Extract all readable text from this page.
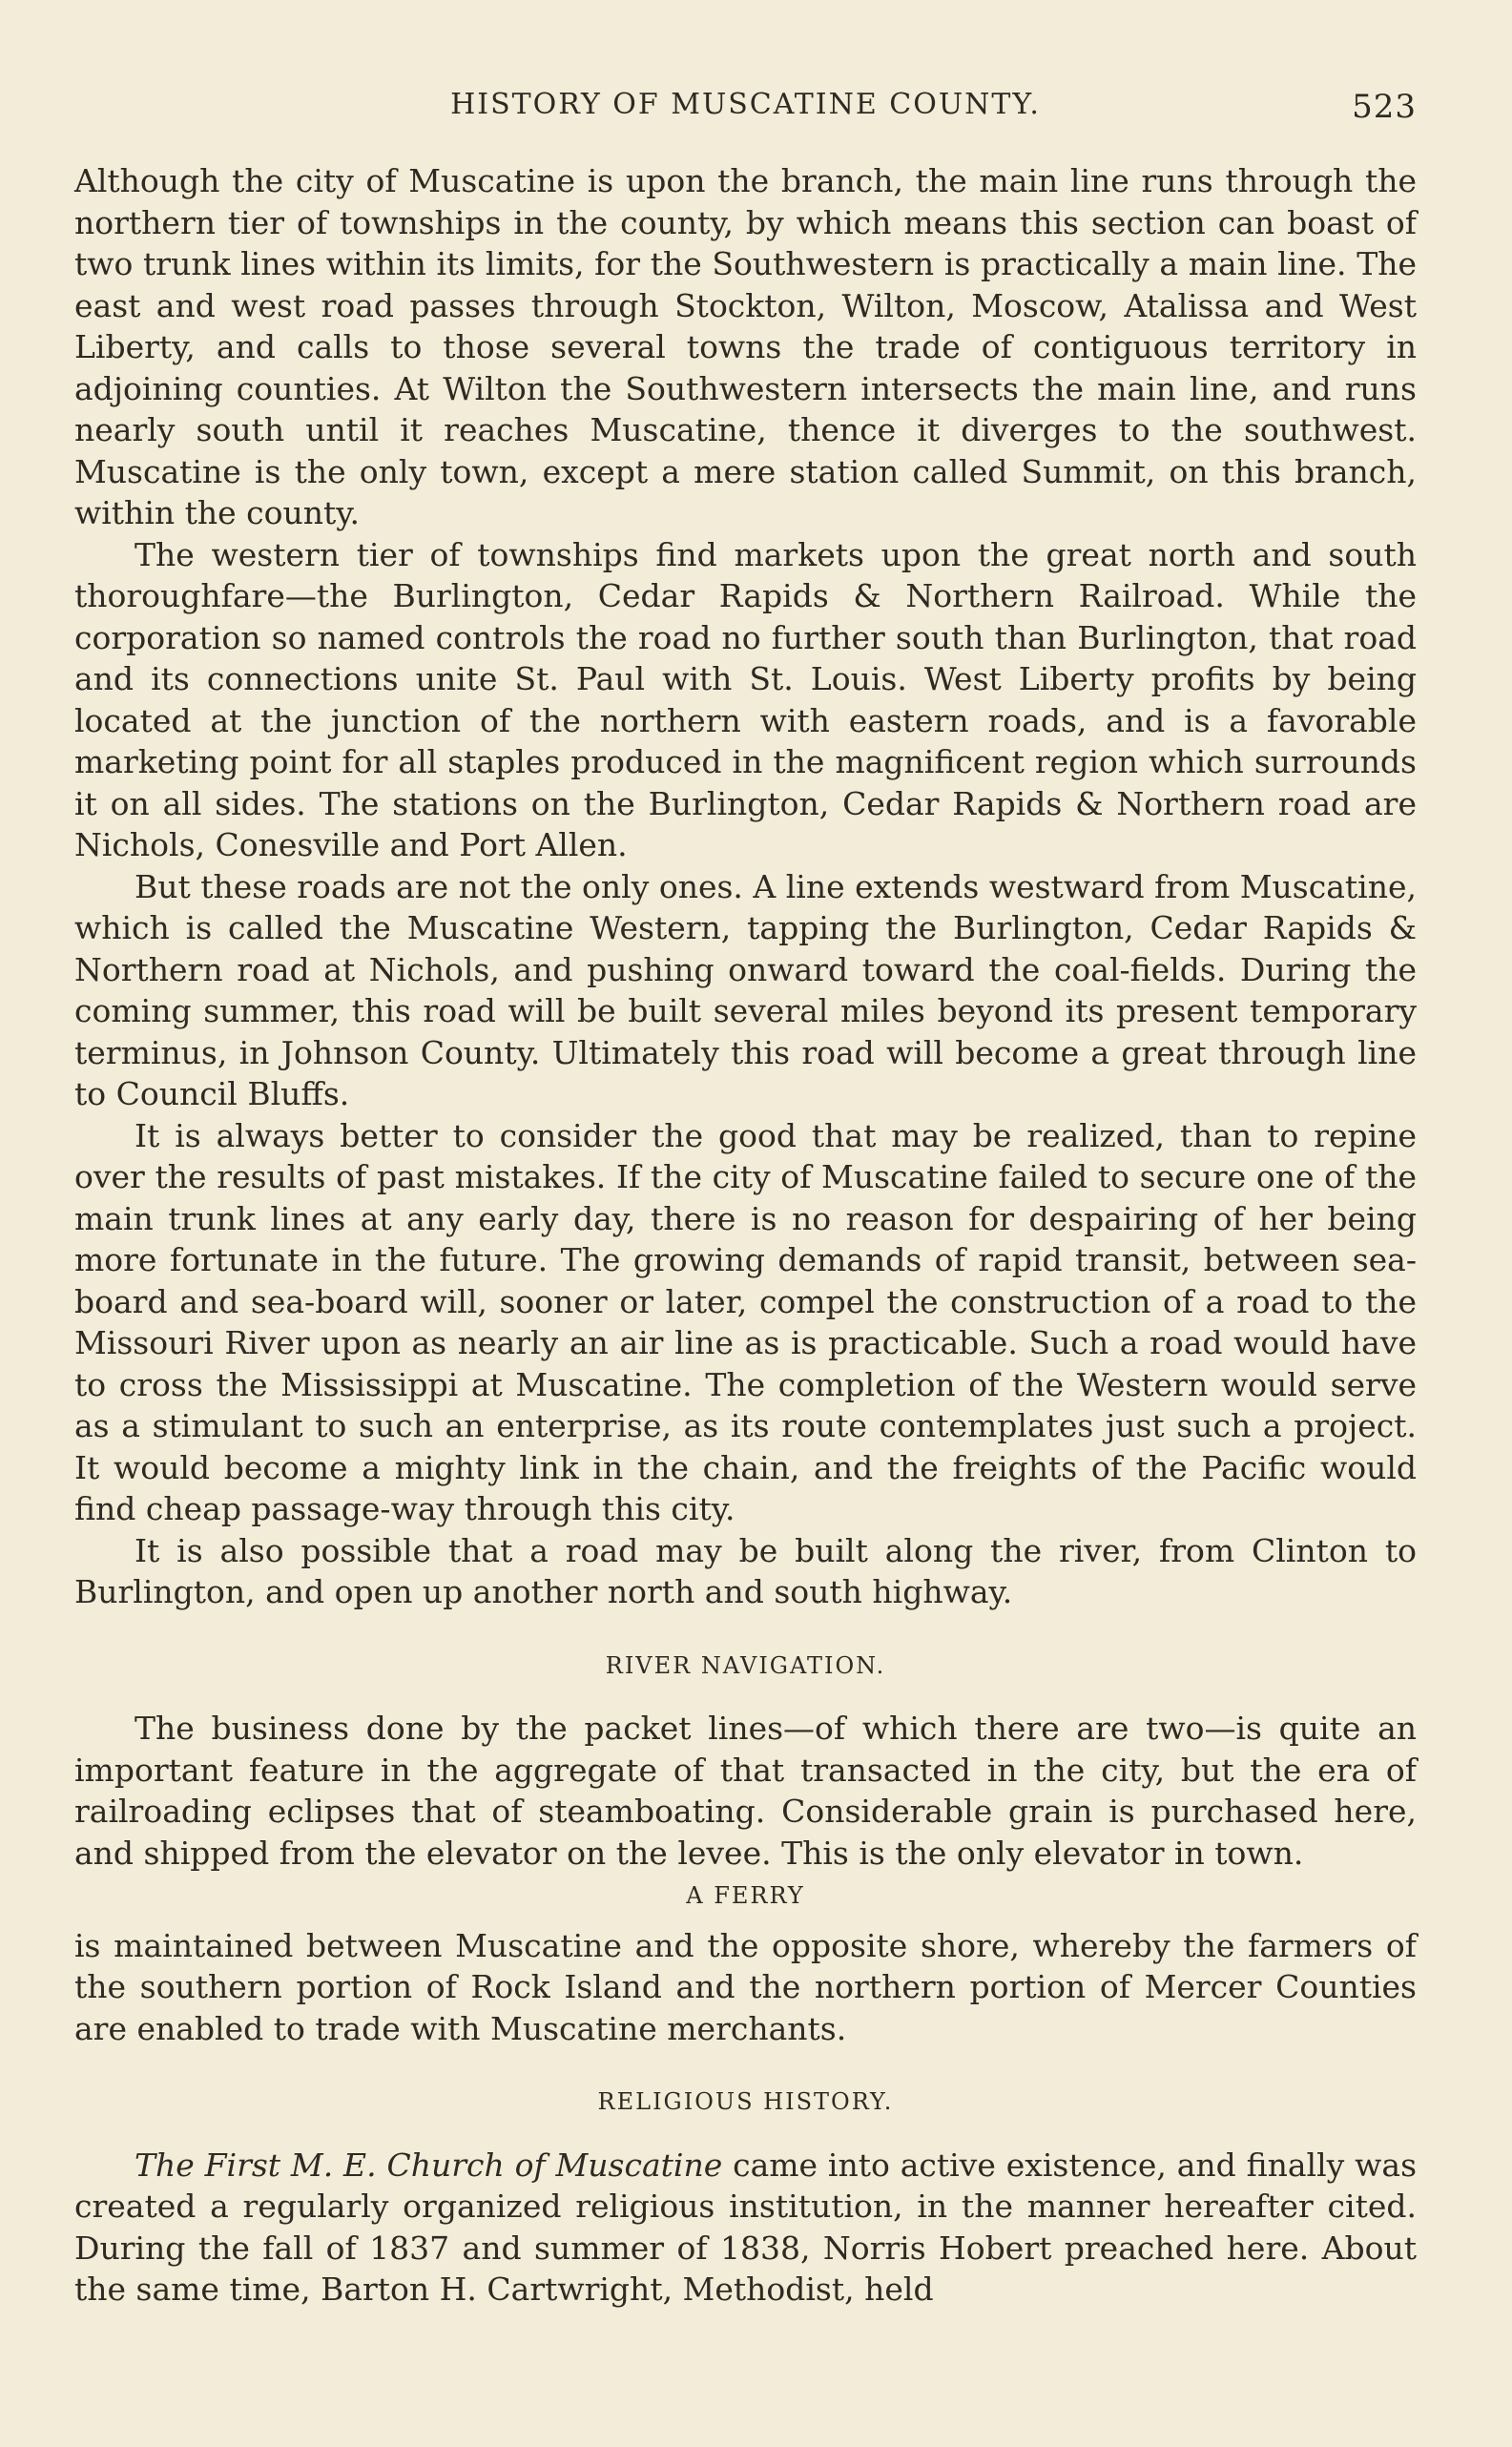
HISTORY OF MUSCATINE COUNTY.	523

Although the city of Muscatine is upon the branch, the main line runs through the northern tier of townships in the county, by which means this section can boast of two trunk lines within its limits, for the Southwestern is practically a main line. The east and west road passes through Stockton, Wilton, Moscow, Atalissa and West Liberty, and calls to those several towns the trade of contiguous territory in adjoining counties. At Wilton the Southwestern intersects the main line, and runs nearly south until it reaches Muscatine, thence it diverges to the southwest. Muscatine is the only town, except a mere station called Summit, on this branch, within the county.

The western tier of townships find markets upon the great north and south thoroughfare—the Burlington, Cedar Rapids & Northern Railroad. While the corporation so named controls the road no further south than Burlington, that road and its connections unite St. Paul with St. Louis. West Liberty profits by being located at the junction of the northern with eastern roads, and is a favorable marketing point for all staples produced in the magnificent region which surrounds it on all sides. The stations on the Burlington, Cedar Rapids & Northern road are Nichols, Conesville and Port Allen.

But these roads are not the only ones. A line extends westward from Muscatine, which is called the Muscatine Western, tapping the Burlington, Cedar Rapids & Northern road at Nichols, and pushing onward toward the coal-fields. During the coming summer, this road will be built several miles beyond its present temporary terminus, in Johnson County. Ultimately this road will become a great through line to Council Bluffs.

It is always better to consider the good that may be realized, than to repine over the results of past mistakes. If the city of Muscatine failed to secure one of the main trunk lines at any early day, there is no reason for despairing of her being more fortunate in the future. The growing demands of rapid transit, between sea-board and sea-board will, sooner or later, compel the construction of a road to the Missouri River upon as nearly an air line as is practicable. Such a road would have to cross the Mississippi at Muscatine. The completion of the Western would serve as a stimulant to such an enterprise, as its route contemplates just such a project. It would become a mighty link in the chain, and the freights of the Pacific would find cheap passage-way through this city.

It is also possible that a road may be built along the river, from Clinton to Burlington, and open up another north and south highway.

RIVER NAVIGATION.

The business done by the packet lines—of which there are two—is quite an important feature in the aggregate of that transacted in the city, but the era of railroading eclipses that of steamboating. Considerable grain is purchased here, and shipped from the elevator on the levee. This is the only elevator in town.

A FERRY

is maintained between Muscatine and the opposite shore, whereby the farmers of the southern portion of Rock Island and the northern portion of Mercer Counties are enabled to trade with Muscatine merchants.

RELIGIOUS HISTORY.

The First M. E. Church of Muscatine came into active existence, and finally was created a regularly organized religious institution, in the manner hereafter cited. During the fall of 1837 and summer of 1838, Norris Hobert preached here. About the same time, Barton H. Cartwright, Methodist, held
